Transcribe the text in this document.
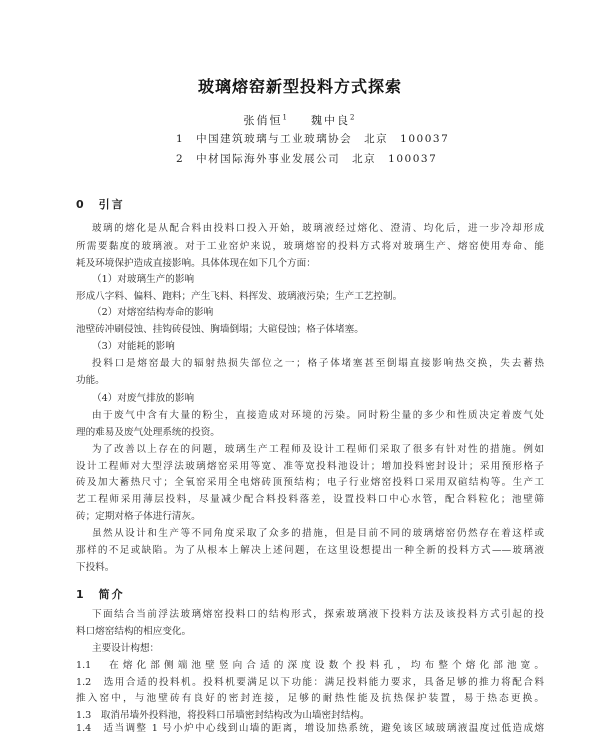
玻璃熔窑新型投料方式探索
张俏恒$^1$ 魏中良$^2$
1　中国建筑玻璃与工业玻璃协会　北京　100037
2　中材国际海外事业发展公司　北京　100037
0　引言
玻璃的熔化是从配合料由投料口投入开始，玻璃液经过熔化、澄清、均化后，进一步冷却形成
所需要黏度的玻璃液。对于工业窑炉来说，玻璃熔窑的投料方式将对玻璃生产、熔窑使用寿命、能
耗及环境保护造成直接影响。具体体现在如下几个方面：
（1）对玻璃生产的影响
形成八字料、偏料、跑料；产生飞料、料挥发、玻璃液污染；生产工艺控制。
（2）对熔窑结构寿命的影响
池壁砖冲刷侵蚀、挂钩砖侵蚀、胸墙倒塌；大碹侵蚀；格子体堵塞。
（3）对能耗的影响
投料口是熔窑最大的辐射热损失部位之一；格子体堵塞甚至倒塌直接影响热交换，失去蓄热
功能。
（4）对废气排放的影响
由于废气中含有大量的粉尘，直接造成对环境的污染。同时粉尘量的多少和性质决定着废气处
理的难易及废气处理系统的投资。
为了改善以上存在的问题，玻璃生产工程师及设计工程师们采取了很多有针对性的措施。例如
设计工程师对大型浮法玻璃熔窑采用等宽、准等宽投料池设计；增加投料密封设计；采用预形格子
砖及加大蓄热尺寸；全氧窑采用全电熔砖顶预结构；电子行业熔窑投料口采用双碹结构等。生产工
艺工程师采用薄层投料，尽量减少配合料投料落差，设置投料口中心水管，配合料粒化；池壁筛
砖；定期对格子体进行清灰。
虽然从设计和生产等不同角度采取了众多的措施，但是目前不同的玻璃熔窑仍然存在着这样或
那样的不足或缺陷。为了从根本上解决上述问题，在这里设想提出一种全新的投料方式——玻璃液
下投料。
1　简介
下面结合当前浮法玻璃熔窑投料口的结构形式，探索玻璃液下投料方法及该投料方式引起的投
料口熔窑结构的相应变化。
主要设计构想：
1.1　在熔化部侧端池壁竖向合适的深度设数个投料孔，均布整个熔化部池宽。
1.2　选用合适的投料机。投料机要满足以下功能：满足投料能力要求，具备足够的推力将配合料
推入窑中，与池壁砖有良好的密封连接，足够的耐热性能及抗热保护装置，易于热态更换。
1.3　取消吊墙外投料池，将投料口吊墙密封结构改为山墙密封结构。
1.4　适当调整 1 号小炉中心线到山墙的距离，增设加热系统，避免该区域玻璃液温度过低造成熔
